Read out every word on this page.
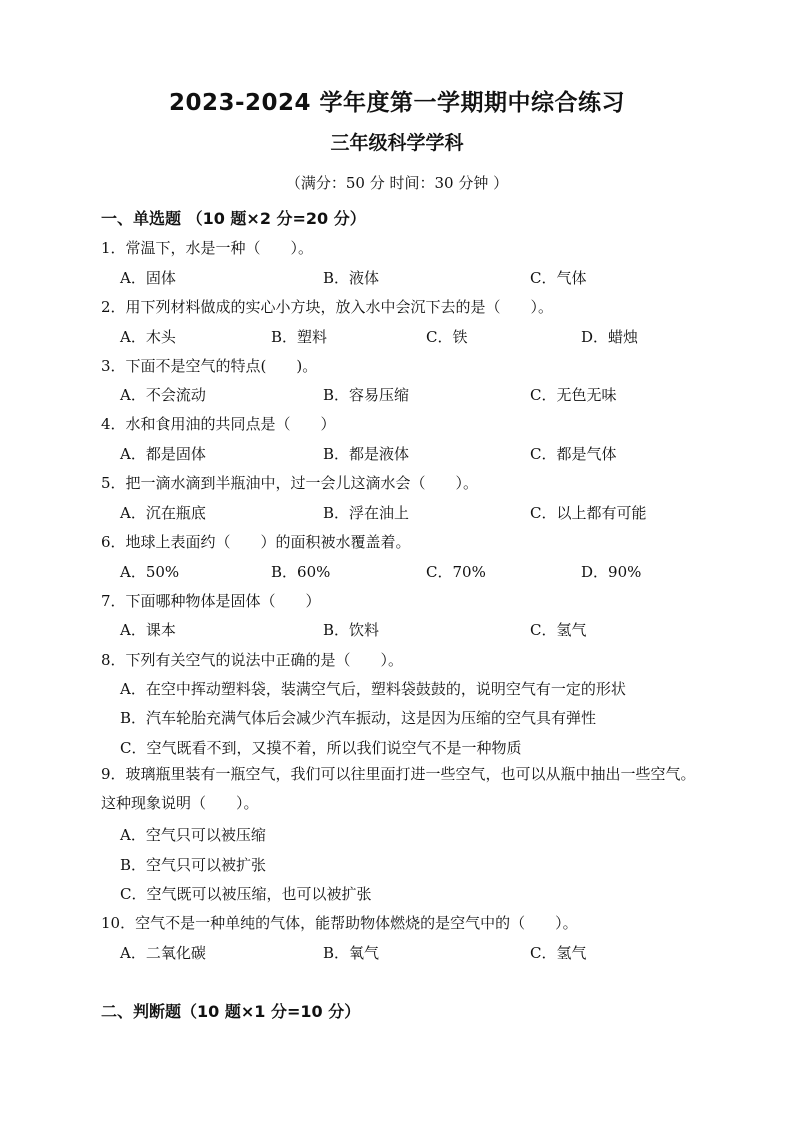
2023-2024 学年度第一学期期中综合练习
三年级科学学科
（满分：50 分 时间：30 分钟 ）
一、单选题 （10 题×2 分=20 分）
1．常温下，水是一种（　　）。
A．固体	B．液体	C．气体
2．用下列材料做成的实心小方块，放入水中会沉下去的是（　　）。
A．木头	B．塑料	C．铁	D．蜡烛
3．下面不是空气的特点(　　)。
A．不会流动	B．容易压缩	C．无色无味
4．水和食用油的共同点是（　　）
A．都是固体	B．都是液体	C．都是气体
5．把一滴水滴到半瓶油中，过一会儿这滴水会（　　）。
A．沉在瓶底	B．浮在油上	C．以上都有可能
6．地球上表面约（　　）的面积被水覆盖着。
A．50%	B．60%	C．70%	D．90%
7．下面哪种物体是固体（　　）
A．课本	B．饮料	C．氢气
8．下列有关空气的说法中正确的是（　　）。
A．在空中挥动塑料袋，装满空气后，塑料袋鼓鼓的，说明空气有一定的形状
B．汽车轮胎充满气体后会减少汽车振动，这是因为压缩的空气具有弹性
C．空气既看不到，又摸不着，所以我们说空气不是一种物质
9．玻璃瓶里装有一瓶空气，我们可以往里面打进一些空气，也可以从瓶中抽出一些空气。这种现象说明（　　）。
A．空气只可以被压缩
B．空气只可以被扩张
C．空气既可以被压缩，也可以被扩张
10．空气不是一种单纯的气体，能帮助物体燃烧的是空气中的（　　）。
A．二氧化碳	B．氧气	C．氢气
二、判断题（10 题×1 分=10 分）
